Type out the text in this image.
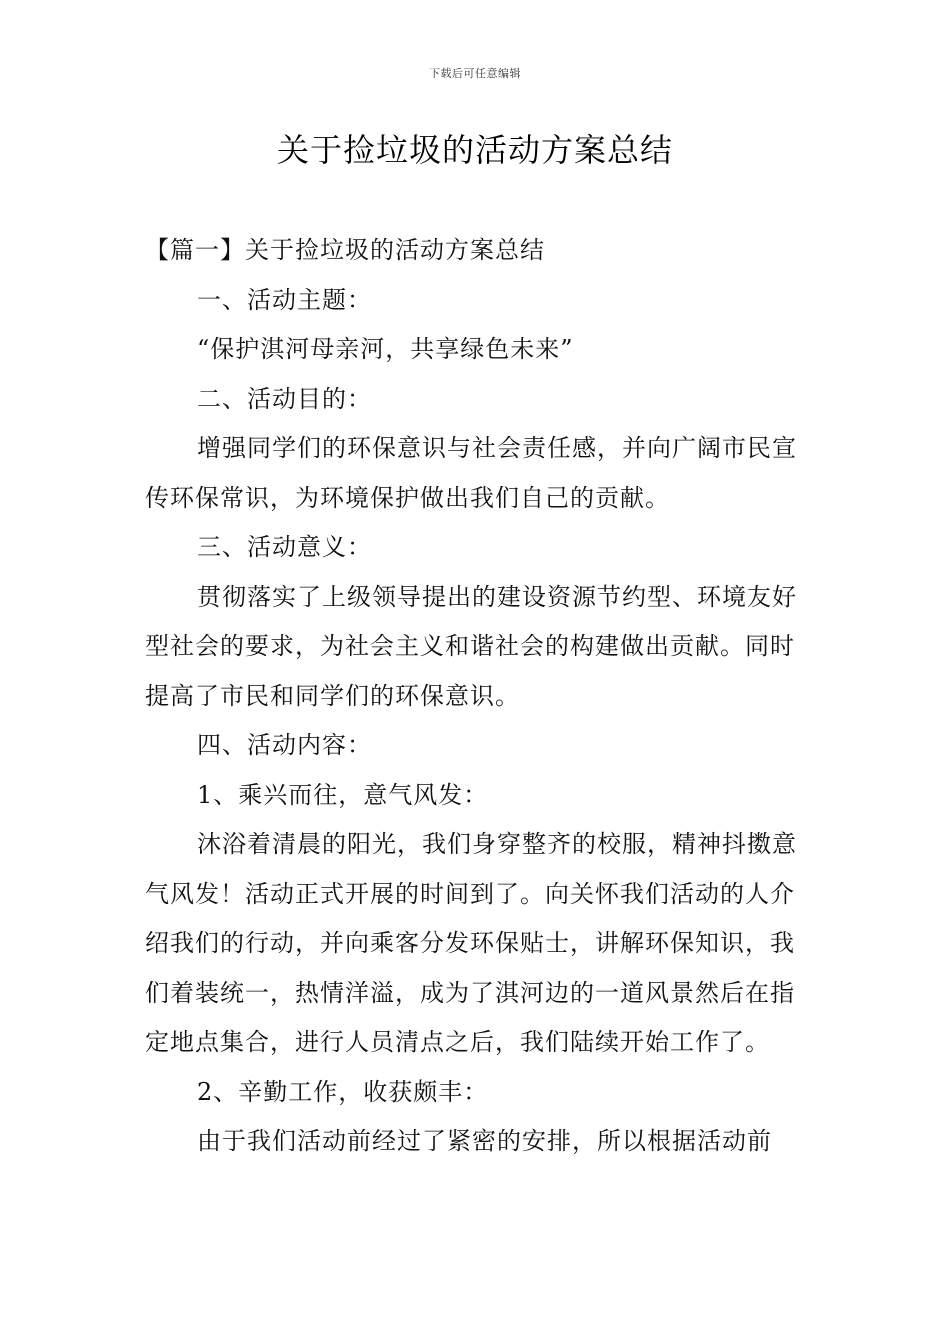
下载后可任意编辑
关于捡垃圾的活动方案总结

【篇一】关于捡垃圾的活动方案总结

一、活动主题：

“保护淇河母亲河，共享绿色未来”

二、活动目的：

增强同学们的环保意识与社会责任感，并向广阔市民宣传环保常识，为环境保护做出我们自己的贡献。

三、活动意义：

贯彻落实了上级领导提出的建设资源节约型、环境友好型社会的要求，为社会主义和谐社会的构建做出贡献。同时提高了市民和同学们的环保意识。

四、活动内容：

1、乘兴而往，意气风发：

沐浴着清晨的阳光，我们身穿整齐的校服，精神抖擞意气风发！活动正式开展的时间到了。向关怀我们活动的人介绍我们的行动，并向乘客分发环保贴士，讲解环保知识，我们着装统一，热情洋溢，成为了淇河边的一道风景然后在指定地点集合，进行人员清点之后，我们陆续开始工作了。

2、辛勤工作，收获颇丰：

由于我们活动前经过了紧密的安排，所以根据活动前
